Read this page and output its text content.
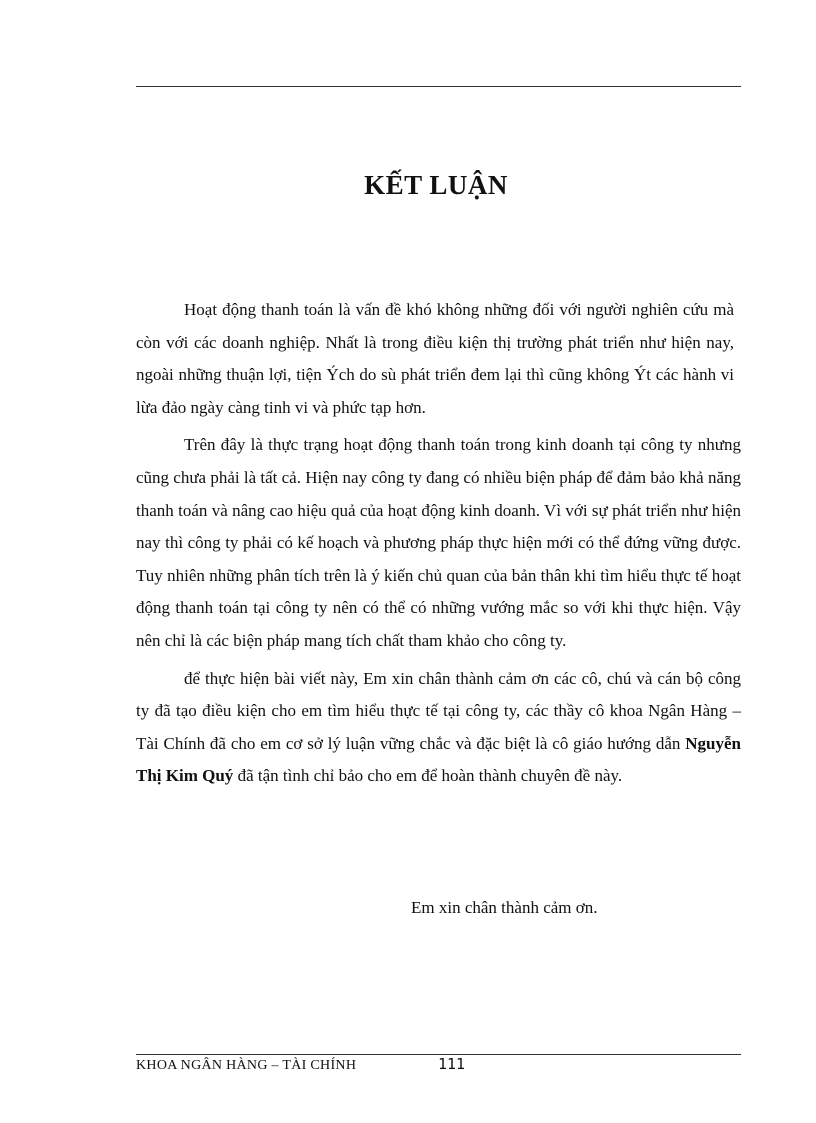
KẾT LUẬN

Hoạt động thanh toán là vấn đề khó không những đối với người nghiên cứu mà còn với các doanh nghiệp. Nhất là trong điều kiện thị trường phát triển như hiện nay, ngoài những thuận lợi, tiện Ých do sù phát triển đem lại thì cũng không Ýt các hành vi lừa đảo ngày càng tinh vi và phức tạp hơn.

Trên đây là thực trạng hoạt động thanh toán trong kinh doanh tại công ty nhưng cũng chưa phải là tất cả. Hiện nay công ty đang có nhiều biện pháp để đảm bảo khả năng thanh toán và nâng cao hiệu quả của hoạt động kinh doanh. Vì với sự phát triển như hiện nay thì công ty phải có kế hoạch và phương pháp thực hiện mới có thể đứng vững được. Tuy nhiên những phân tích trên là ý kiến chủ quan của bản thân khi tìm hiểu thực tế hoạt động thanh toán tại công ty nên có thể có những vướng mắc so với khi thực hiện. Vậy nên chỉ là các biện pháp mang tích chất tham khảo cho công ty.

để thực hiện bài viết này, Em xin chân thành cảm ơn các cô, chú và cán bộ công ty đã tạo điều kiện cho em tìm hiểu thực tế tại công ty, các thầy cô khoa Ngân Hàng – Tài Chính đã cho em cơ sở lý luận vững chắc và đặc biệt là cô giáo hướng dẫn Nguyễn Thị Kim Quý đã tận tình chỉ bảo cho em để hoàn thành chuyên đề này.

Em xin chân thành cảm ơn.
KHOA NGÂN HÀNG – TÀI CHÍNH	111
